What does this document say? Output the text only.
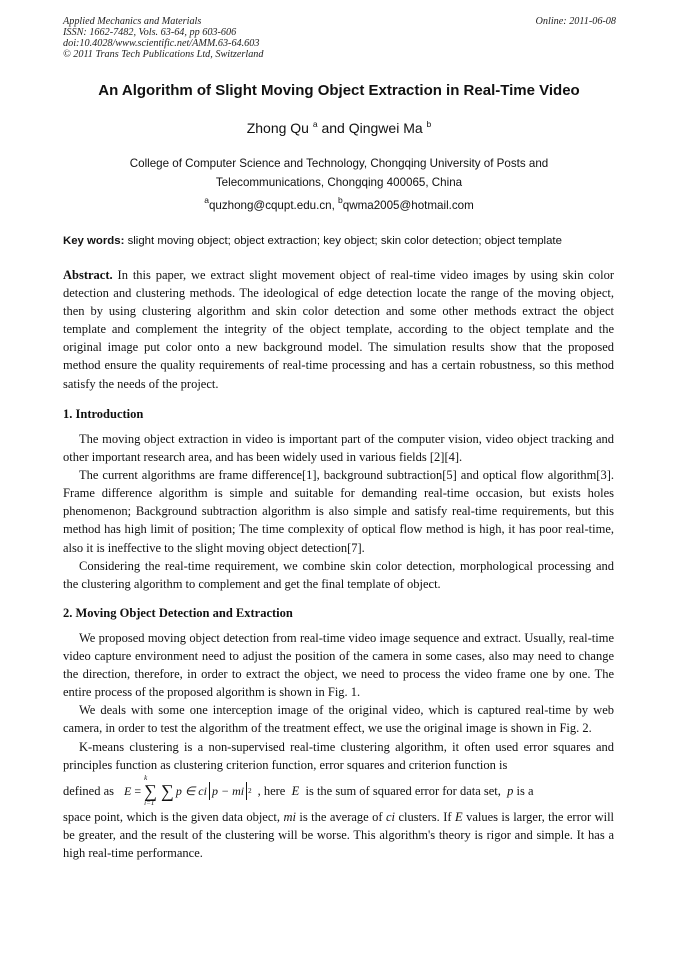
Applied Mechanics and Materials
ISSN: 1662-7482, Vols. 63-64, pp 603-606
doi:10.4028/www.scientific.net/AMM.63-64.603
© 2011 Trans Tech Publications Ltd, Switzerland
Online: 2011-06-08
An Algorithm of Slight Moving Object Extraction in Real-Time Video
Zhong Qu $^a$ and Qingwei Ma $^b$
College of Computer Science and Technology, Chongqing University of Posts and
Telecommunications, Chongqing 400065, China
$^a$quzhong@cqupt.edu.cn, $^b$qwma2005@hotmail.com
Key words: slight moving object; object extraction; key object; skin color detection; object template
Abstract. In this paper, we extract slight movement object of real-time video images by using skin color detection and clustering methods. The ideological of edge detection locate the range of the moving object, then by using clustering algorithm and skin color detection and some other methods extract the object template and complement the integrity of the object template, according to the object template and the original image put color onto a new background model. The simulation results show that the proposed method ensure the quality requirements of real-time processing and has a certain robustness, so this method satisfy the needs of the project.
1. Introduction

The moving object extraction in video is important part of the computer vision, video object tracking and other important research area, and has been widely used in various fields [2][4].

The current algorithms are frame difference[1], background subtraction[5] and optical flow algorithm[3]. Frame difference algorithm is simple and suitable for demanding real-time occasion, but exists holes phenomenon; Background subtraction algorithm is also simple and satisfy real-time requirements, but this method has high limit of position; The time complexity of optical flow method is high, it has poor real-time, also it is ineffective to the slight moving object detection[7].

Considering the real-time requirement, we combine skin color detection, morphological processing and the clustering algorithm to complement and get the final template of object.

2. Moving Object Detection and Extraction

We proposed moving object detection from real-time video image sequence and extract. Usually, real-time video capture environment need to adjust the position of the camera in some cases, also may need to change the direction, therefore, in order to extract the object, we need to process the video frame one by one. The entire process of the proposed algorithm is shown in Fig. 1.

We deals with some one interception image of the original video, which is captured real-time by web camera, in order to test the algorithm of the treatment effect, we use the original image is shown in Fig. 2.

K-means clustering is a non-supervised real-time clustering algorithm, it often used error squares and principles function as clustering criterion function, error squares and criterion function is

defined as E
=

k
∑
i=1
∑ p ∈ ci p − mi 2 , here
E
is the sum of squared error for data set,
p
is a

space point, which is the given data object, mi is the average of ci clusters. If E values is larger, the error will be greater, and the result of the clustering will be worse. This algorithm's theory is rigor and simple. It has a high real-time performance.
